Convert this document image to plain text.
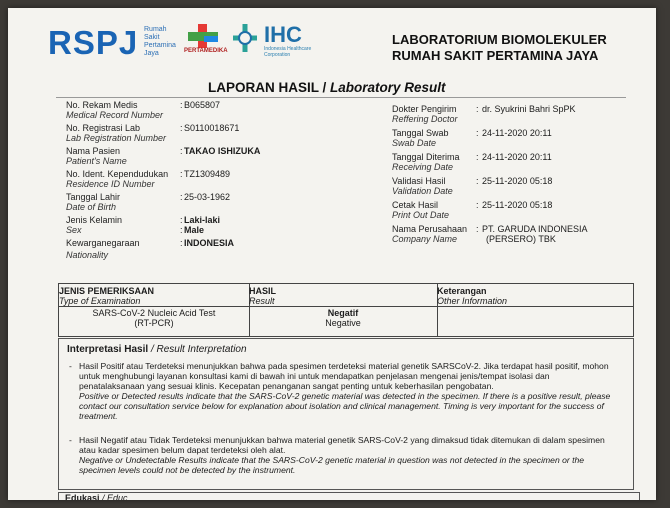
RSPJ Rumah
Sakit
Pertamina
Jaya	PERTAMEDIKA
IHC
Indonesia Healthcare
Corporation
LABORATORIUM BIOMOLEKULER
RUMAH SAKIT PERTAMINA JAYA
LAPORAN HASIL / Laboratory Result
No. Rekam Medis
Medical Record Number
B065807
:
No. Registrasi Lab
Lab Registration Number
: S0110018671
Nama Pasien
Patient's Name
: TAKAO ISHIZUKA
No. Ident. Kependudukan
Residence ID Number
: TZ1309489
Tanggal Lahir
Date of Birth
: 25-03-1962
Jenis Kelamin
Sex
: Laki-laki
: Male
Kewarganegaraan
Nationality
: INDONESIA
Dokter Pengirim
Reffering Doctor
: dr. Syukrini Bahri SpPK
Tanggal Swab
Swab Date
: 24-11-2020 20:11
Tanggal Diterima
Receiving Date
: 24-11-2020 20:11
Validasi Hasil
Validation Date
: 25-11-2020 05:18
Cetak Hasil
Print Out Date
: 25-11-2020 05:18
Nama Perusahaan
Company Name
: PT. GARUDA INDONESIA
(PERSERO) TBK
JENIS PEMERIKSAAN
Type of Examination
SARS-CoV-2 Nucleic Acid Test
(RT-PCR)
HASIL
Result
Negatif
Negative
Keterangan
Other Information
Interpretasi Hasil / Result Interpretation
- Hasil Positif atau Terdeteksi menunjukkan bahwa pada spesimen terdeteksi material genetik SARSCoV-2. Jika terdapat hasil positif, mohon untuk menghubungi layanan konsultasi kami di bawah ini untuk mendapatkan penjelasan mengenai jenis/tempat isolasi dan penatalaksanaan yang sesuai klinis. Kecepatan penanganan sangat penting untuk keberhasilan pengobatan.
Positive or Detected results indicate that the SARS-CoV-2 genetic material was detected in the specimen. If there is a positive result, please contact our consultation service below for explanation about isolation and clinical management. Timing is very important for the success of treatment.
- Hasil Negatif atau Tidak Terdeteksi menunjukkan bahwa material genetik SARS-CoV-2 yang dimaksud tidak ditemukan di dalam spesimen atau kadar spesimen belum dapat terdeteksi oleh alat.
Negative or Undetectable Results indicate that the SARS-CoV-2 genetic material in question was not detected in the specimen or the specimen levels could not be detected by the instrument.
Edukasi / Educ
